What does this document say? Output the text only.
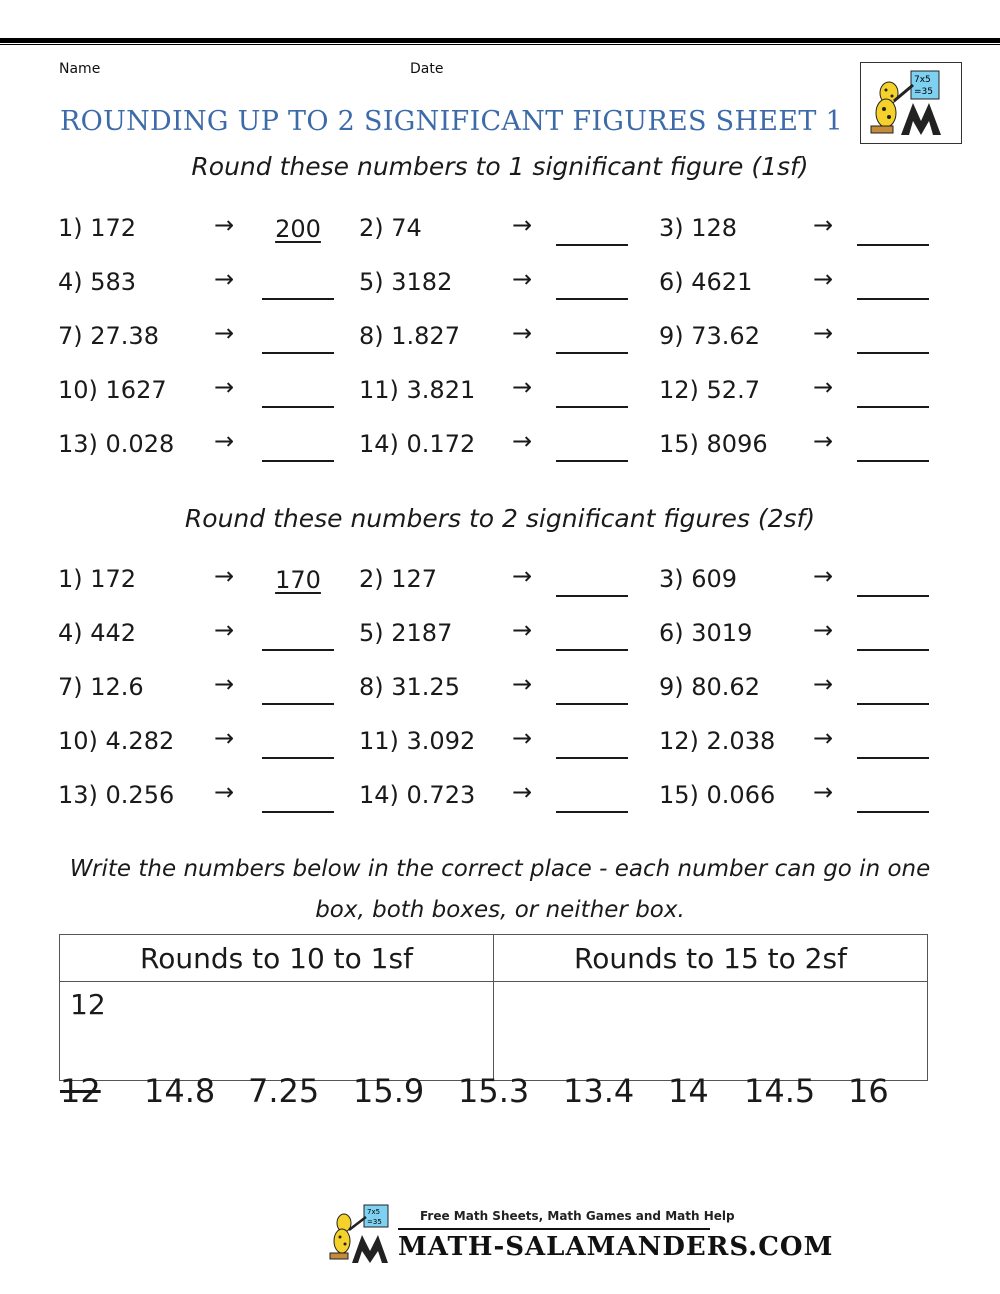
Name	Date
ROUNDING UP TO 2 SIGNIFICANT FIGURES SHEET 1
7x5
=35
Round these numbers to 1 significant figure (1sf)
1) 172	→	200	2) 74	→	3) 128	→
4) 583	→	5) 3182 →	6) 4621	→
7) 27.38 →	8) 1.827 →	9) 73.62 →
10) 1627 →	11) 3.821 →	12) 52.7 →
13) 0.028 →	14) 0.172 →	15) 8096 →
Round these numbers to 2 significant figures (2sf)
1) 172	→	170	2) 127	→	3) 609	→
4) 442	→	5) 2187 →	6) 3019	→
7) 12.6	→	8) 31.25 →	9) 80.62 →
10) 4.282 →	11) 3.092 →	12) 2.038 →
13) 0.256 →	14) 0.723 →	15) 0.066 →
Write the numbers below in the correct place - each number can go in one
box, both boxes, or neither box.
Rounds to 10 to 1sf	Rounds to 15 to 2sf
12	
12 14.8 7.25 15.9 15.3 13.4 14 14.5 16
7x5
=35	Free Math Sheets, Math Games and Math Help
MATH-SALAMANDERS.COM
